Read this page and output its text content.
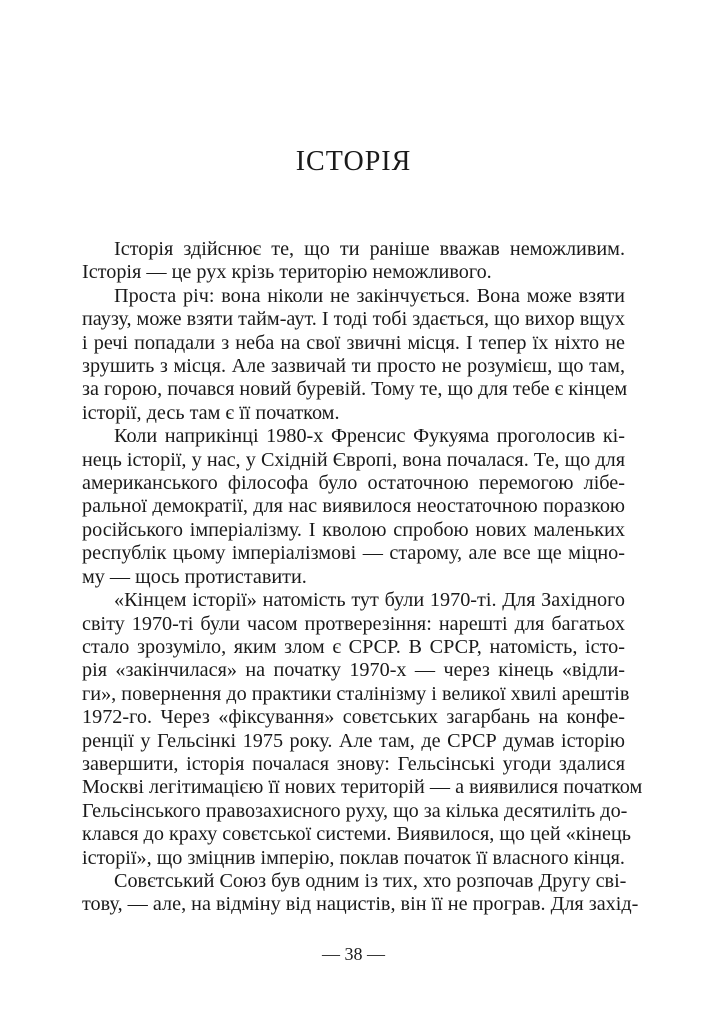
ІСТОРІЯ
Історія здійснює те, що ти раніше вважав неможливим.
Історія — це рух крізь територію неможливого.
Проста річ: вона ніколи не закінчується. Вона може взяти
паузу, може взяти тайм-аут. І тоді тобі здається, що вихор вщух
і речі попадали з неба на свої звичні місця. І тепер їх ніхто не
зрушить з місця. Але зазвичай ти просто не розумієш, що там,
за горою, почався новий буревій. Тому те, що для тебе є кінцем
історії, десь там є її початком.
Коли наприкінці 1980-х Френсис Фукуяма проголосив кі-
нець історії, у нас, у Східній Європі, вона почалася. Те, що для
американського філософа було остаточною перемогою лібе-
ральної демократії, для нас виявилося неостаточною поразкою
російського імперіалізму. І кволою спробою нових маленьких
республік цьому імперіалізмові — старому, але все ще міцно-
му — щось протиставити.
«Кінцем історії» натомість тут були 1970-ті. Для Західного
світу 1970-ті були часом протверезіння: нарешті для багатьох
стало зрозуміло, яким злом є СРСР. В СРСР, натомість, істо-
рія «закінчилася» на початку 1970-х — через кінець «відли-
ги», повернення до практики сталінізму і великої хвилі арештів
1972-го. Через «фіксування» совєтських загарбань на конфе-
ренції у Гельсінкі 1975 року. Але там, де СРСР думав історію
завершити, історія почалася знову: Гельсінські угоди здалися
Москві легітимацією її нових територій — а виявилися початком
Гельсінського правозахисного руху, що за кілька десятиліть до-
клався до краху совєтської системи. Виявилося, що цей «кінець
історії», що зміцнив імперію, поклав початок її власного кінця.
Совєтський Союз був одним із тих, хто розпочав Другу сві-
тову, — але, на відміну від нацистів, він її не програв. Для захід-

— 38 —
